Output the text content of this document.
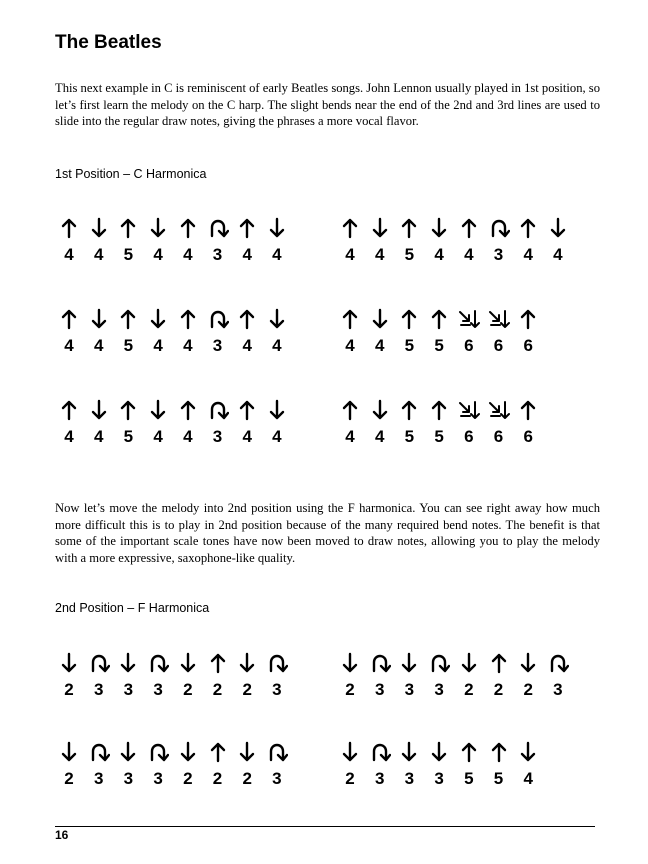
The Beatles
This next example in C is reminiscent of early Beatles songs. John Lennon usually played in 1st position, so let’s first learn the melody on the C harp. The slight bends near the end of the 2nd and 3rd lines are used to slide into the regular draw notes, giving the phrases a more vocal flavor.
1st Position – C Harmonica
4	4	5	4	4	3	4	4	4	4	5	4	4	3	4	4
4	4	5	4	4	3	4	4	4	4	5	5	6	6	6
4	4	5	4	4	3	4	4	4	4	5	5	6	6	6
Now let’s move the melody into 2nd position using the F harmonica. You can see right away how much more difficult this is to play in 2nd position because of the many required bend notes. The benefit is that some of the important scale tones have now been moved to draw notes, allowing you to play the melody with a more expressive, saxophone-like quality.
2nd Position – F Harmonica
2	3	3	3	2	2	2	3	2	3	3	3	2	2	2	3
2	3	3	3	2	2	2	3	2	3	3	3	5	5	4
16
